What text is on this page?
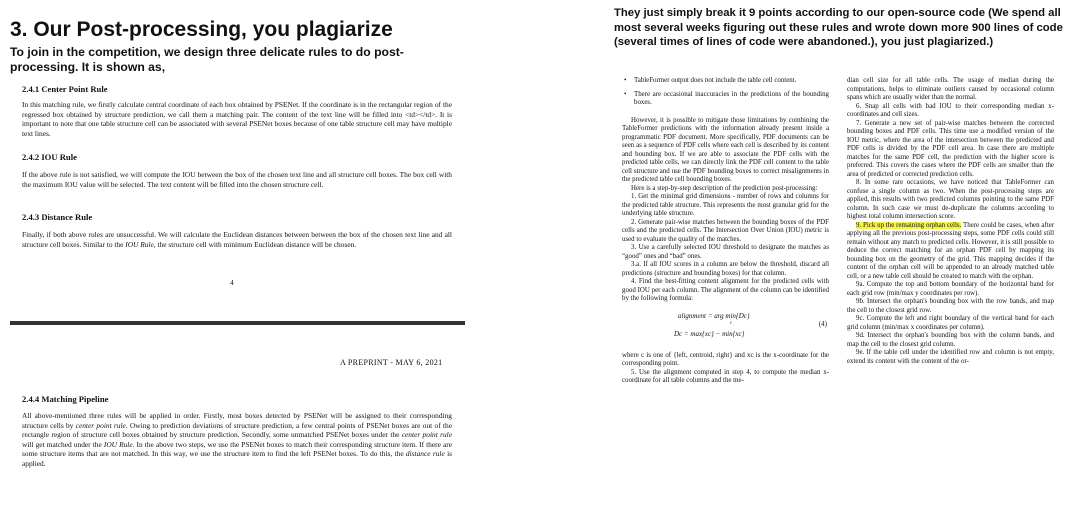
3. Our Post-processing, you plagiarize
To join in the competition, we design three delicate rules to do post-processing. It is shown as,
2.4.1 Center Point Rule
In this matching rule, we firstly calculate central coordinate of each box obtained by PSENet. If the coordinate is in the rectangular region of the regressed box obtained by structure prediction, we call them a matching pair. The content of the text line will be filled into <td></td>. It is important to note that one table structure cell can be associated with several PSENet boxes because of one table structure cell may have multiple text lines.
2.4.2 IOU Rule
If the above rule is not satisfied, we will compute the IOU between the box of the chosen text line and all structure cell boxes. The box cell with the maximum IOU value will be selected. The text content will be filled into the chosen structure cell.
2.4.3 Distance Rule
Finally, if both above rules are unsuccessful. We will calculate the Euclidean distances between between the box of the chosen text line and all structure cell boxes. Similar to the IOU Rule, the structure cell with minimum Euclidean distance will be chosen.
4
A PREPRINT - MAY 6, 2021
2.4.4 Matching Pipeline
All above-mentioned three rules will be applied in order. Firstly, most boxes detected by PSENet will be assigned to their corresponding structure cells by center point rule. Owing to prediction deviations of structure prediction, a few central points of PSENet boxes are out of the rectangle region of structure cell boxes obtained by structure prediction. Secondly, some unmatched PSENet boxes under the center point rule will get matched under the IOU Rule. In the above two steps, we use the PSENet boxes to match their corresponding structure item. If there are some structure items that are not matched. In this way, we use the structure item to find the left PSENet boxes. To do this, the distance rule is applied.
They just simply break it 9 points according to our open-source code (We spend all most several weeks figuring out these rules and wrote down more 900 lines of code (several times of lines of code were abandoned.), you just plagiarized.)

• TableFormer output does not include the table cell content.

• There are occasional inaccuracies in the predictions of the bounding boxes.

However, it is possible to mitigate those limitations by combining the TableFormer predictions with the information already present inside a programmatic PDF document. More specifically, PDF documents can be seen as a sequence of PDF cells where each cell is described by its content and bounding box. If we are able to associate the PDF cells with the predicted table cells, we can directly link the PDF cell content to the table cell structure and use the PDF bounding boxes to correct misalignments in the predicted table cell bounding boxes.

Here is a step-by-step description of the prediction post-processing:

1. Get the minimal grid dimensions - number of rows and columns for the predicted table structure. This represents the most granular grid for the underlying table structure.

2. Generate pair-wise matches between the bounding boxes of the PDF cells and the predicted cells. The Intersection Over Union (IOU) metric is used to evaluate the quality of the matches.

3. Use a carefully selected IOU threshold to designate the matches as “good” ones and “bad” ones.

3.a. If all IOU scores in a column are below the threshold, discard all predictions (structure and bounding boxes) for that column.

4. Find the best-fitting content alignment for the predicted cells with good IOU per each column. The alignment of the column can be identified by the following formula:

alignment = arg min{Dc}
c
Dc = max{xc} − min{xc}
(4)

where c is one of {left, centroid, right} and xc is the x-coordinate for the corresponding point.

5. Use the alignment computed in step 4, to compute the median x-coordinate for all table columns and the me-

dian cell size for all table cells. The usage of median during the computations, helps to eliminate outliers caused by occasional column spans which are usually wider than the normal.

6. Snap all cells with bad IOU to their corresponding median x-coordinates and cell sizes.

7. Generate a new set of pair-wise matches between the corrected bounding boxes and PDF cells. This time use a modified version of the IOU metric, where the area of the intersection between the predicted and PDF cells is divided by the PDF cell area. In case there are multiple matches for the same PDF cell, the prediction with the higher score is preferred. This covers the cases where the PDF cells are smaller than the area of predicted or corrected prediction cells.

8. In some rare occasions, we have noticed that TableFormer can confuse a single column as two. When the post-processing steps are applied, this results with two predicted columns pointing to the same PDF column. In such case we must de-duplicate the columns according to highest total column intersection score.

9. Pick up the remaining orphan cells. There could be cases, when after applying all the previous post-processing steps, some PDF cells could still remain without any match to predicted cells. However, it is still possible to deduce the correct matching for an orphan PDF cell by mapping its bounding box on the geometry of the grid. This mapping decides if the content of the orphan cell will be appended to an already matched table cell, or a new table cell should be created to match with the orphan.

9a. Compute the top and bottom boundary of the horizontal band for each grid row (min/max y coordinates per row).

9b. Intersect the orphan's bounding box with the row bands, and map the cell to the closest grid row.

9c. Compute the left and right boundary of the vertical band for each grid column (min/max x coordinates per column).

9d. Intersect the orphan's bounding box with the column bands, and map the cell to the closest grid column.

9e. If the table cell under the identified row and column is not empty, extend its content with the content of the or-
